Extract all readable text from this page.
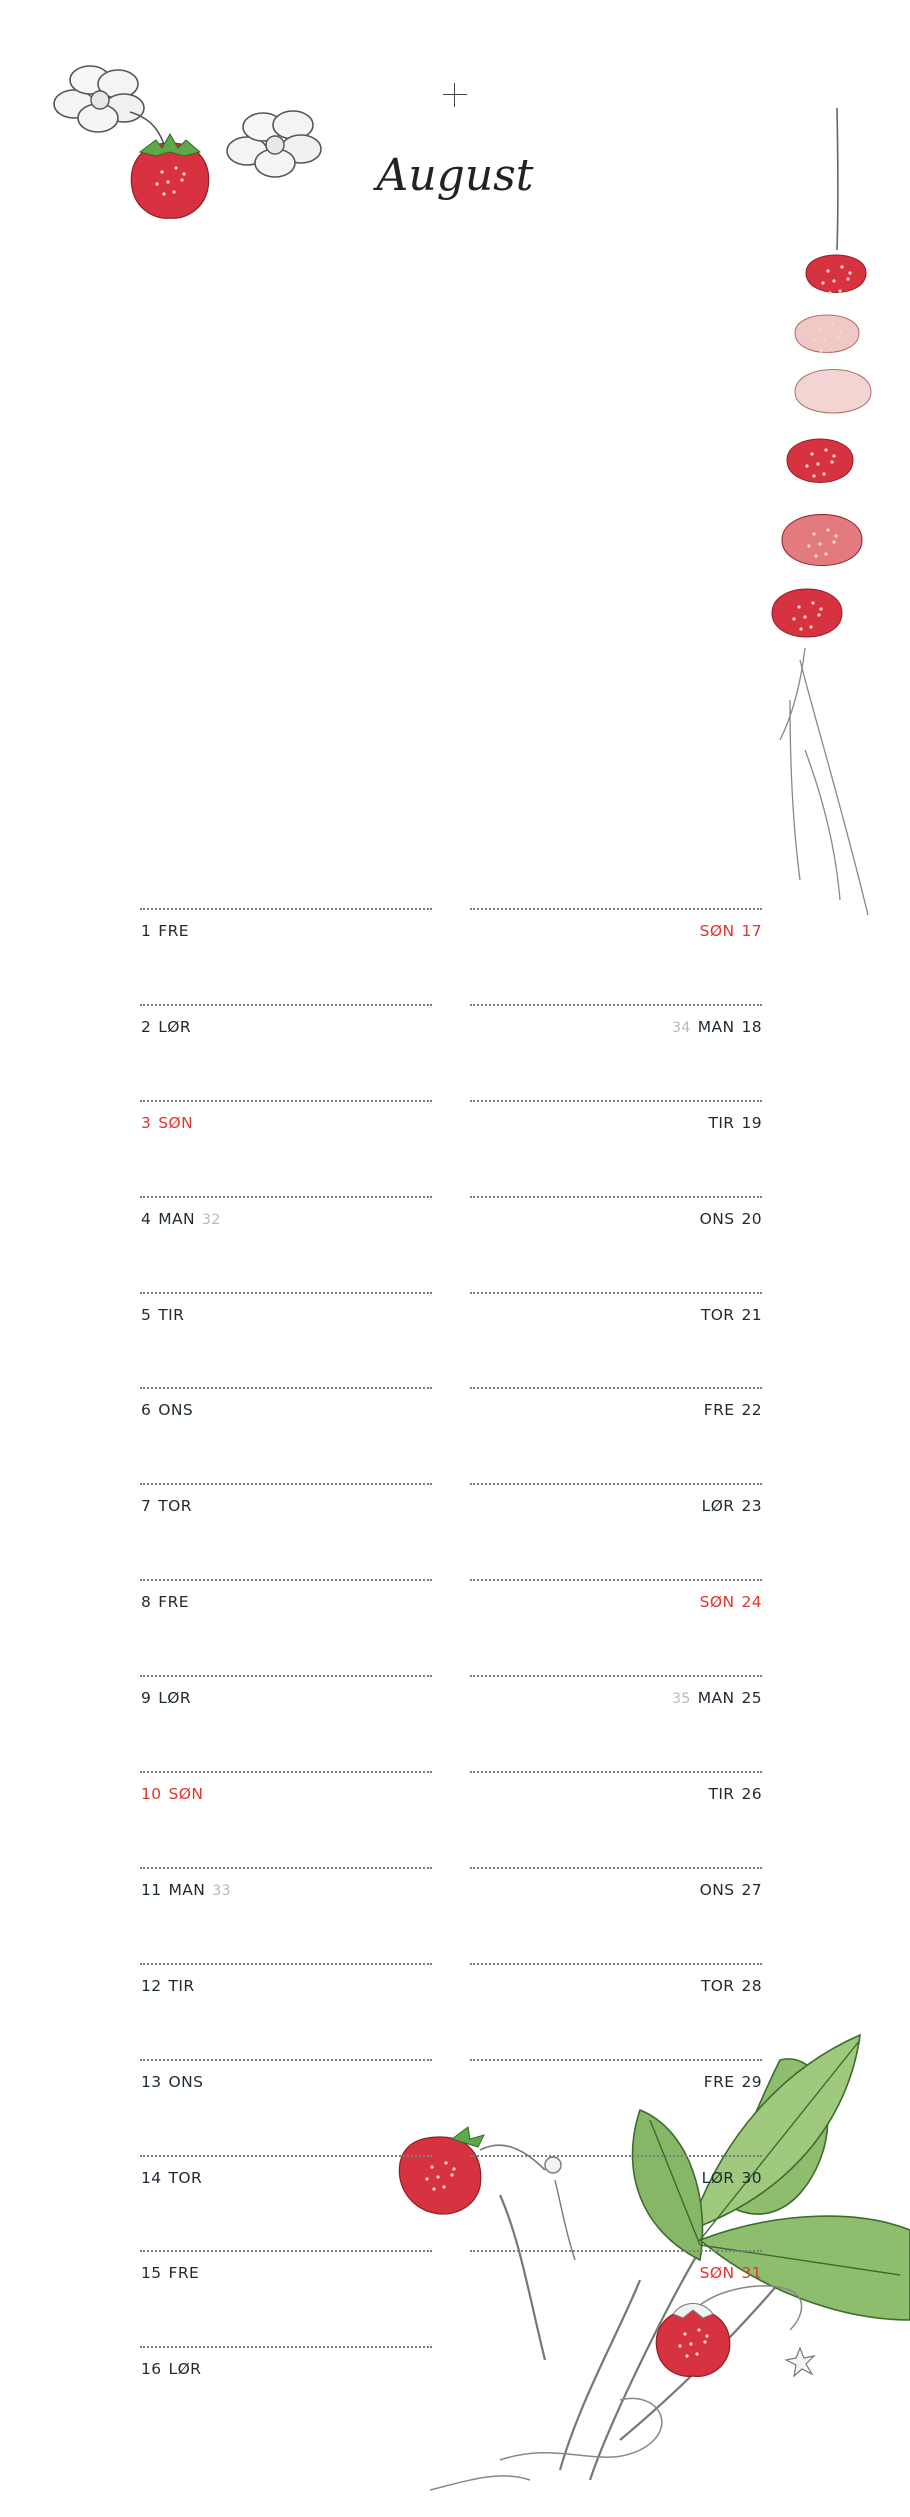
August
1 FRE
2 LØR
3 SØN
4 MAN 32
5 TIR
6 ONS
7 TOR
8 FRE
9 LØR
10 SØN
11 MAN 33
12 TIR
13 ONS
14 TOR
15 FRE
16 LØR
SØN 17
34 MAN 18
TIR 19
ONS 20
TOR 21
FRE 22
LØR 23
SØN 24
35 MAN 25
TIR 26
ONS 27
TOR 28
FRE 29
LØR 30
SØN 31
